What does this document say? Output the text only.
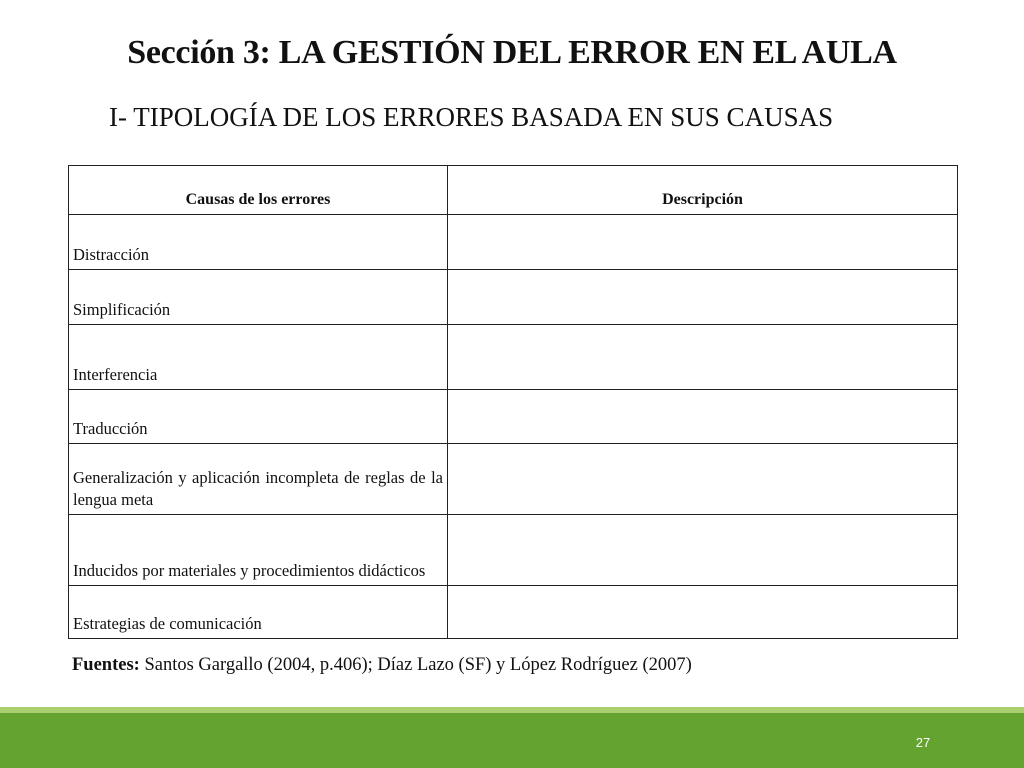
Sección 3: LA GESTIÓN DEL ERROR EN EL AULA
I- TIPOLOGÍA DE LOS ERRORES BASADA EN SUS CAUSAS
Causas de los errores	Descripción
Distracción	
Simplificación	
Interferencia	
Traducción	
Generalización y aplicación incompleta de reglas de la lengua meta	
Inducidos por materiales y procedimientos didácticos	
Estrategias de comunicación	
Fuentes: Santos Gargallo (2004, p.406); Díaz Lazo (SF) y López Rodríguez (2007)
27
